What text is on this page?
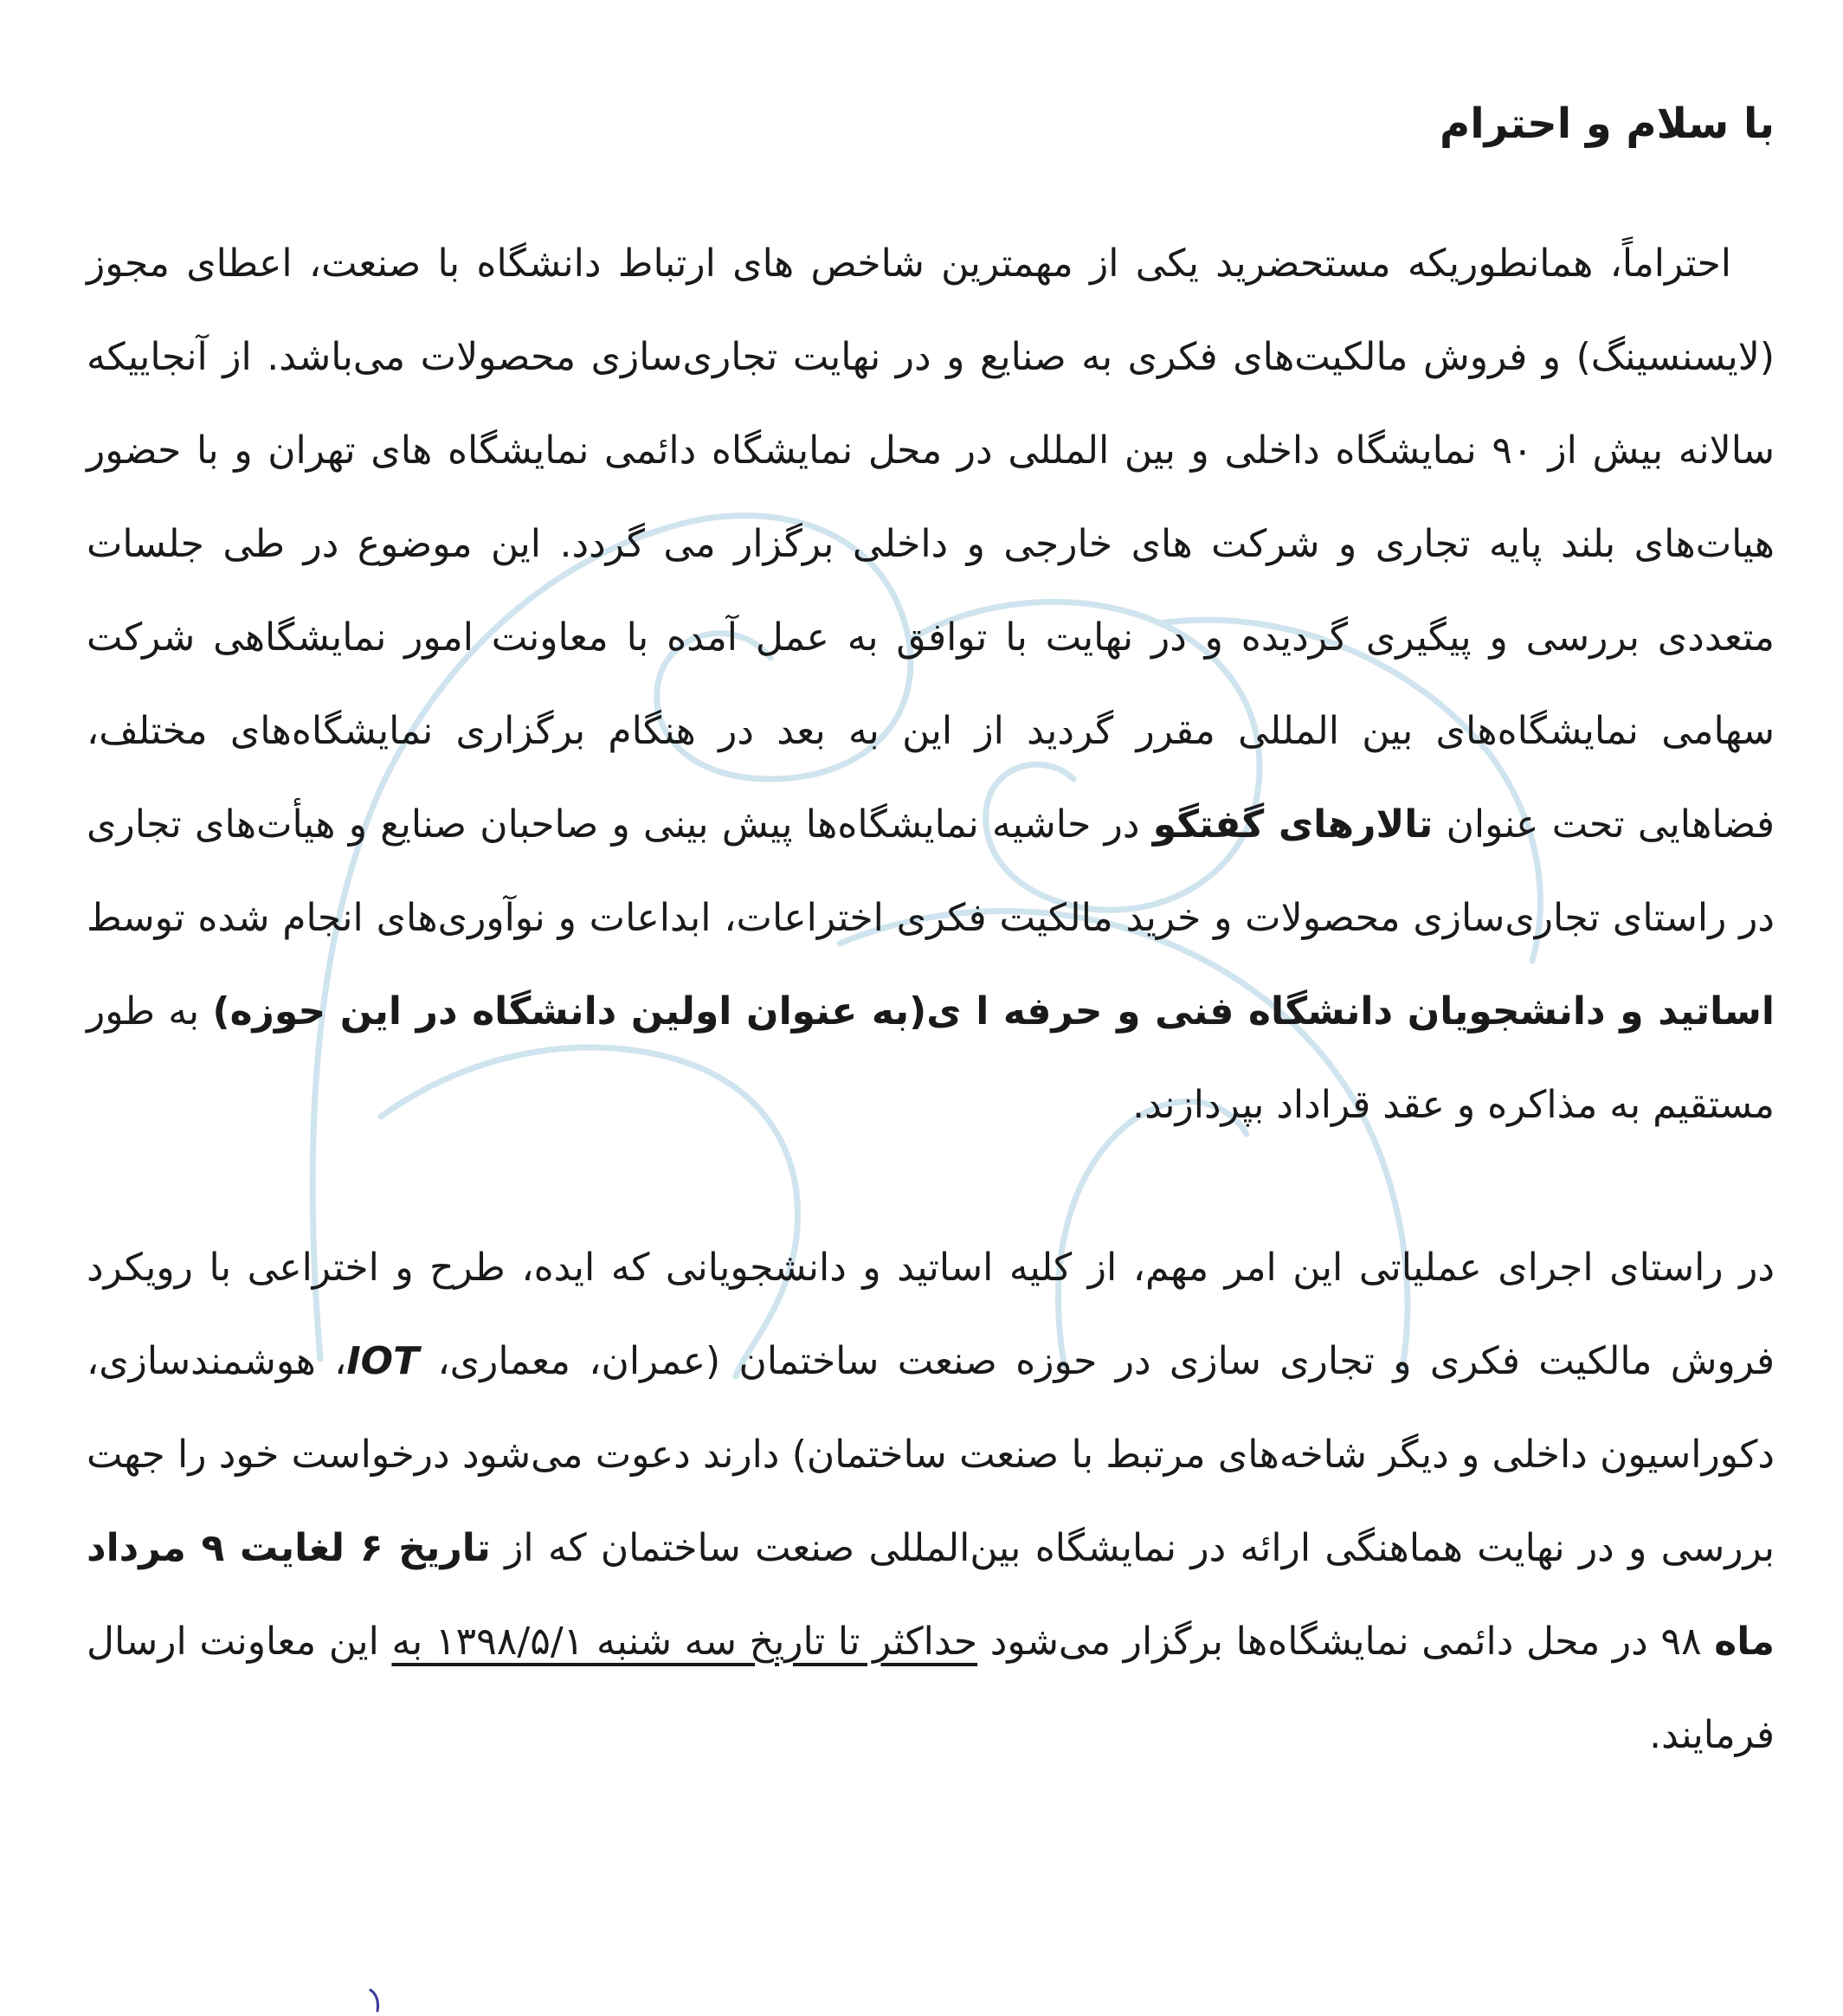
با سلام و احترام

احتراماً، همانطوریکه مستحضرید یکی از مهمترین شاخص های ارتباط دانشگاه با صنعت، اعطای مجوز (لایسنسینگ) و فروش مالکیت‌های فکری به صنایع و در نهایت تجاری‌سازی محصولات می‌باشد. از آنجاییکه سالانه بیش از ۹۰ نمایشگاه داخلی و بین المللی در محل نمایشگاه دائمی نمایشگاه های تهران و با حضور هیات‌های بلند پایه تجاری و شرکت های خارجی و داخلی برگزار می گردد. این موضوع در طی جلسات متعددی بررسی و پیگیری گردیده و در نهایت با توافق به عمل آمده با معاونت امور نمایشگاهی شرکت سهامی نمایشگاه‌های بین المللی مقرر گردید از این به بعد در هنگام برگزاری نمایشگاه‌های مختلف، فضاهایی تحت عنوان تالارهای گفتگو در حاشیه نمایشگاه‌ها پیش بینی و صاحبان صنایع و هیأت‌های تجاری در راستای تجاری‌سازی محصولات و خرید مالکیت فکری اختراعات، ابداعات و نوآوری‌های انجام شده توسط اساتید و دانشجویان دانشگاه فنی و حرفه ا ی(به عنوان اولین دانشگاه در این حوزه) به طور مستقیم به مذاکره و عقد قراداد بپردازند.

در راستای اجرای عملیاتی این امر مهم، از کلیه اساتید و دانشجویانی که ایده، طرح و اختراعی با رویکرد فروش مالکیت فکری و تجاری سازی در حوزه صنعت ساختمان (عمران، معماری، IOT، هوشمندسازی، دکوراسیون داخلی و دیگر شاخه‌های مرتبط با صنعت ساختمان) دارند دعوت می‌شود درخواست خود را جهت بررسی و در نهایت هماهنگی ارائه در نمایشگاه بین‌المللی صنعت ساختمان که از تاریخ ۶ لغایت ۹ مرداد ماه ۹۸ در محل دائمی نمایشگاه‌ها برگزار می‌شود حداکثر تا تاریخ سه شنبه ۱۳۹۸/۵/۱ به این معاونت ارسال فرمایند.
